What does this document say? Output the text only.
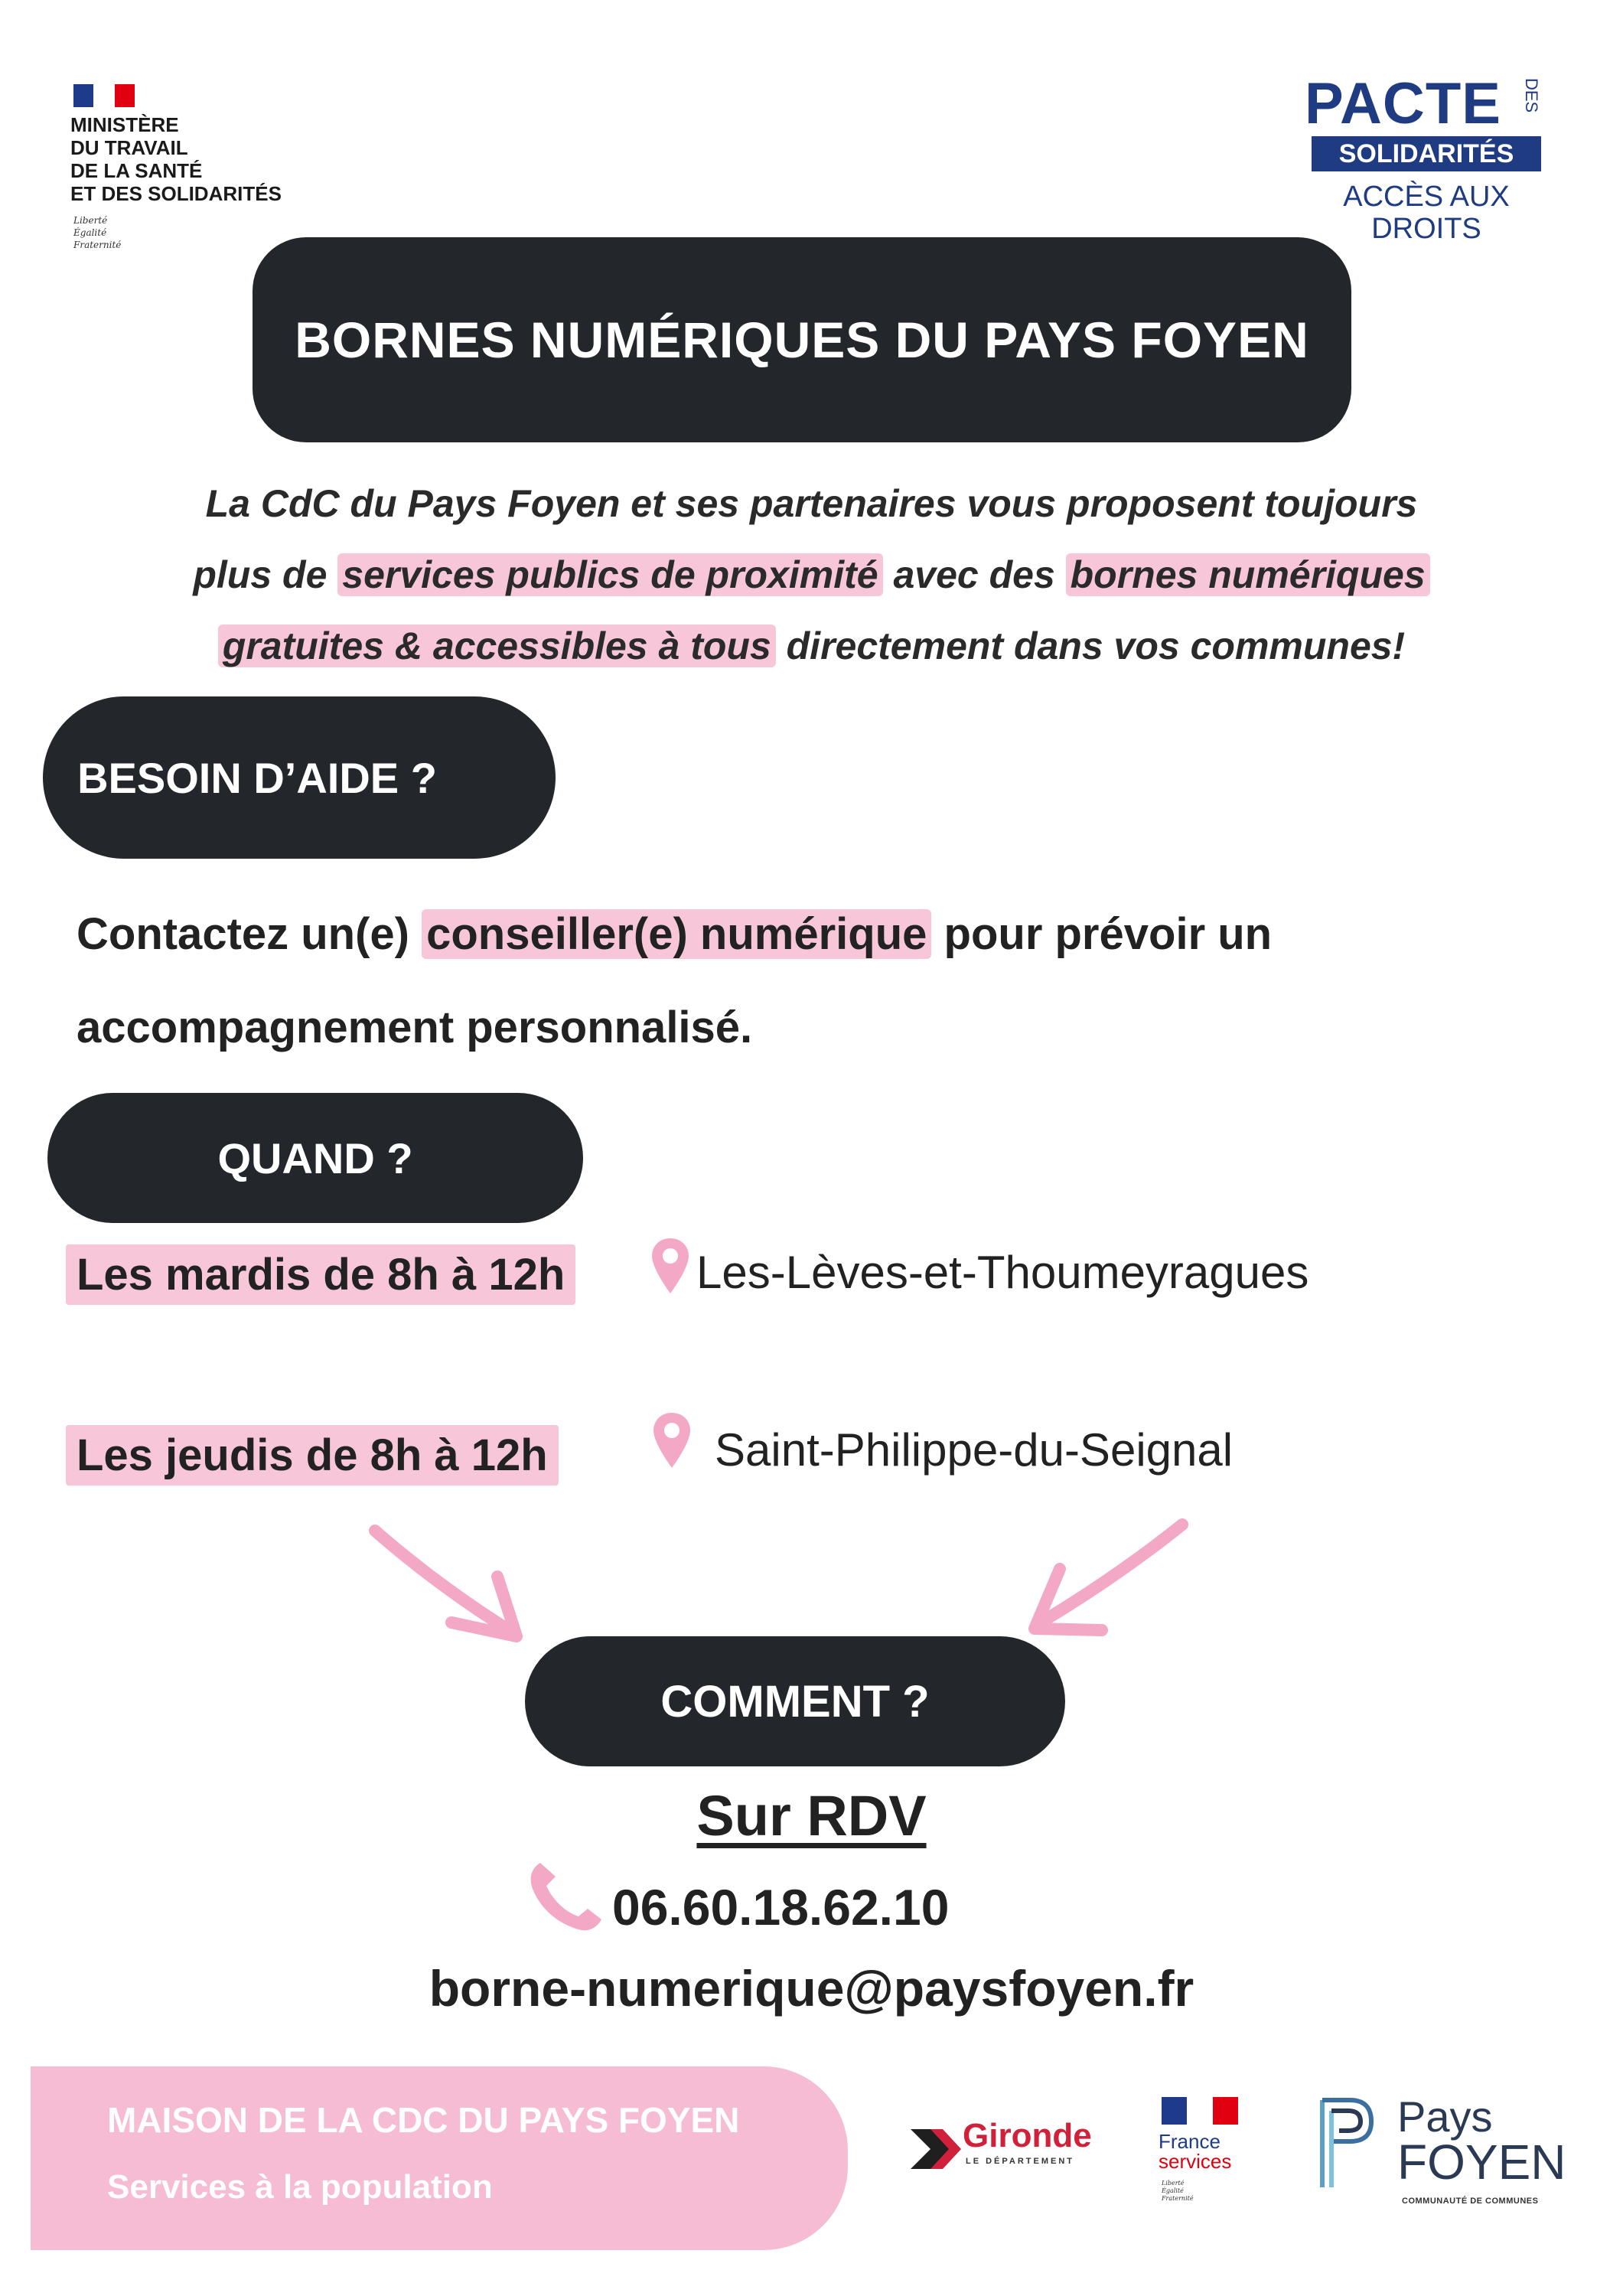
MINISTÈRE
DU TRAVAIL
DE LA SANTÉ
ET DES SOLIDARITÉS
Liberté
Égalité
Fraternité
PACTE DES
SOLIDARITÉS
ACCÈS AUX
DROITS
BORNES NUMÉRIQUES DU PAYS FOYEN
La CdC du Pays Foyen et ses partenaires vous proposent toujours
plus de services publics de proximité avec des bornes numériques
gratuites & accessibles à tous directement dans vos communes!
BESOIN D’AIDE ?
Contactez un(e) conseiller(e) numérique pour prévoir un
accompagnement personnalisé.
QUAND ?
Les mardis de 8h à 12h	Les-Lèves-et-Thoumeyragues
Les jeudis de 8h à 12h	Saint-Philippe-du-Seignal
COMMENT ?
Sur RDV
06.60.18.62.10
borne-numerique@paysfoyen.fr
MAISON DE LA CDC DU PAYS FOYEN
Services à la population
Gironde
LE DÉPARTEMENT
France
services
Liberté
Égalité
Fraternité
Pays
FOYEN
COMMUNAUTÉ DE COMMUNES
